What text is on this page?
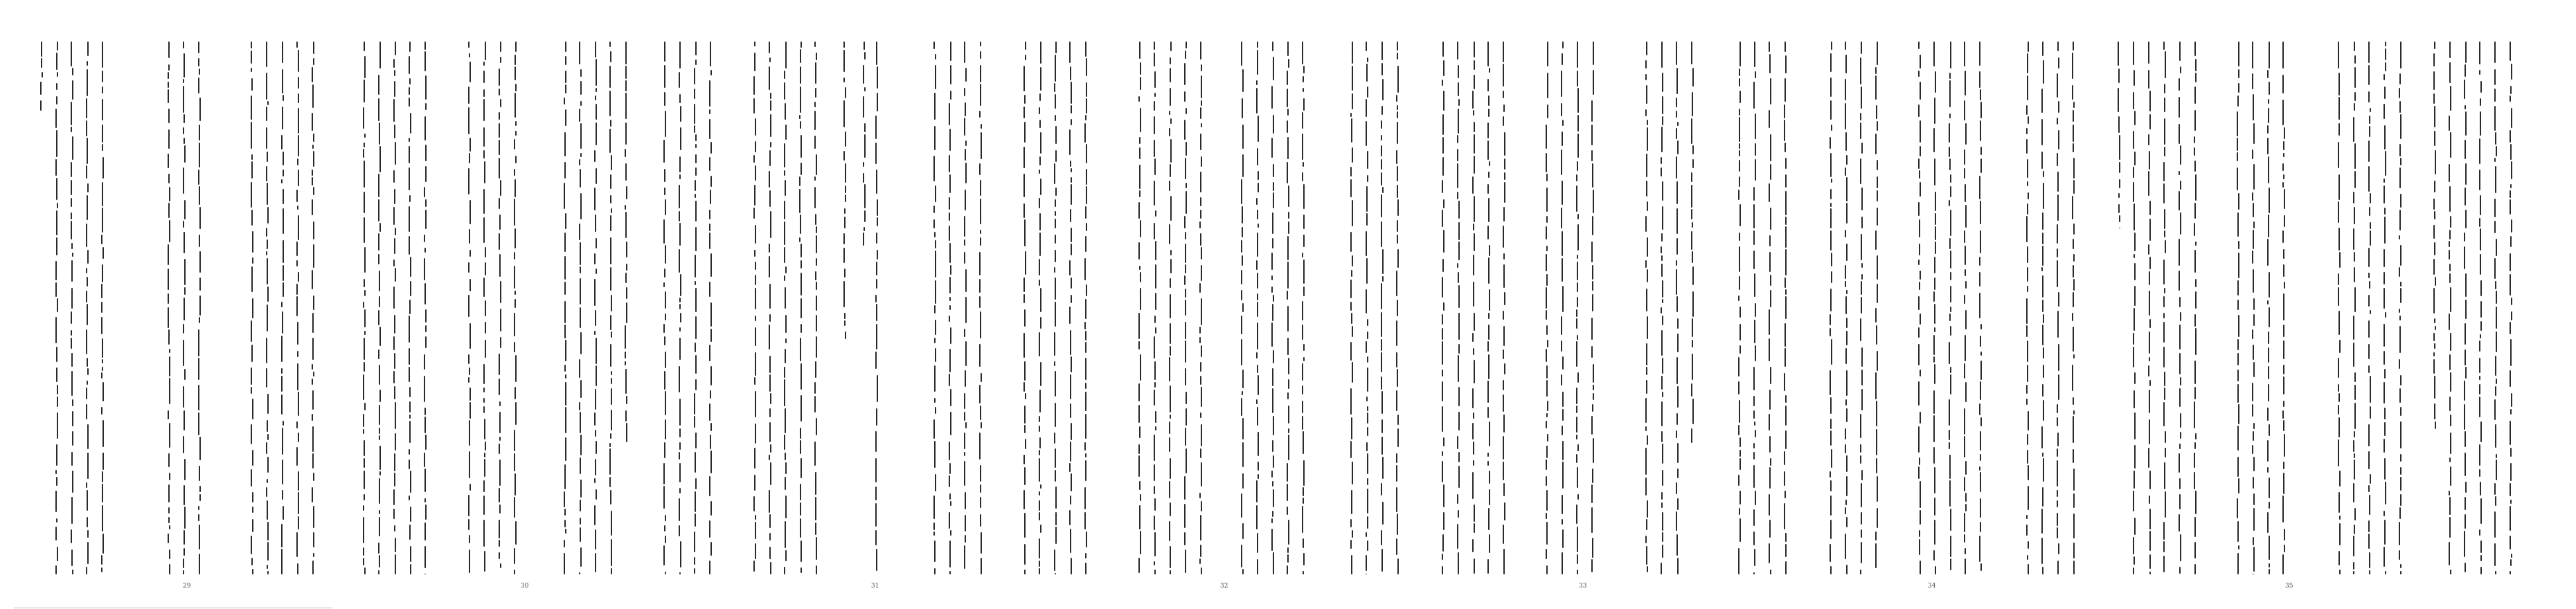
29	30	31	32	33	34	35
